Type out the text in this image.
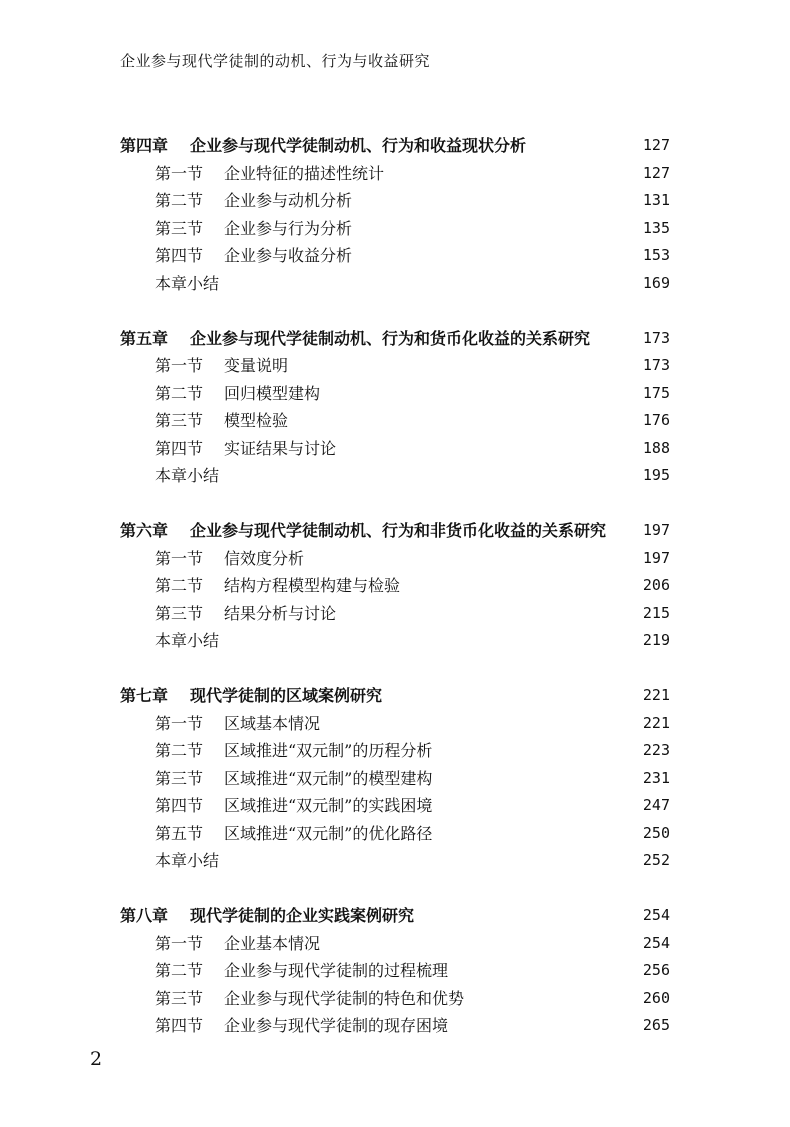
企业参与现代学徒制的动机、行为与收益研究
第四章 企业参与现代学徒制动机、行为和收益现状分析	127
第一节 企业特征的描述性统计	127
第二节 企业参与动机分析	131
第三节 企业参与行为分析	135
第四节 企业参与收益分析	153
本章小结	169
第五章 企业参与现代学徒制动机、行为和货币化收益的关系研究	173
第一节 变量说明	173
第二节 回归模型建构	175
第三节 模型检验	176
第四节 实证结果与讨论	188
本章小结	195
第六章 企业参与现代学徒制动机、行为和非货币化收益的关系研究 197
第一节 信效度分析	197
第二节 结构方程模型构建与检验	206
第三节 结果分析与讨论	215
本章小结	219
第七章 现代学徒制的区域案例研究	221
第一节 区域基本情况	221
第二节 区域推进“双元制”的历程分析	223
第三节 区域推进“双元制”的模型建构	231
第四节 区域推进“双元制”的实践困境	247
第五节 区域推进“双元制”的优化路径	250
本章小结	252
第八章 现代学徒制的企业实践案例研究	254
第一节 企业基本情况	254
第二节 企业参与现代学徒制的过程梳理	256
第三节 企业参与现代学徒制的特色和优势	260
第四节 企业参与现代学徒制的现存困境	265
2
